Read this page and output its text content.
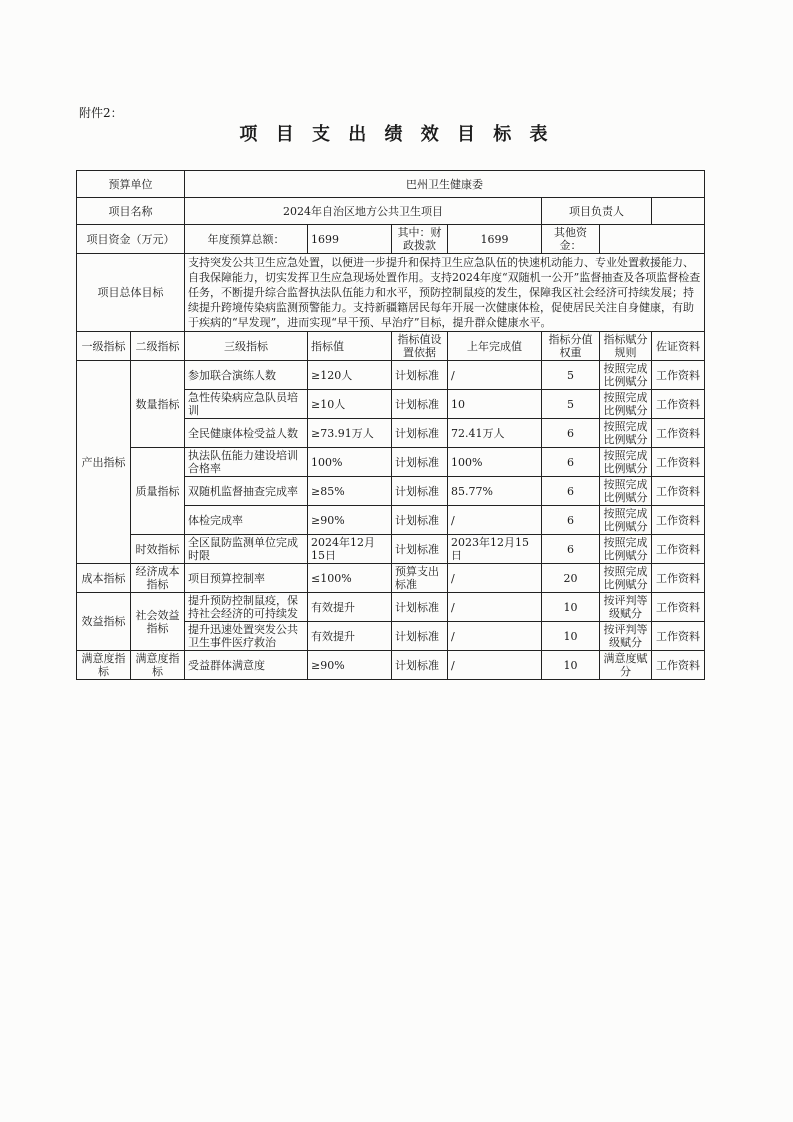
附件2：
项 目 支 出 绩 效 目 标 表
预算单位		巴州卫生健康委						
项目名称		2024年自治区地方公共卫生项目				项目负责人		
项目资金（万元）		年度预算总额：	1699	其中：财政拨款	1699	其他资金：		
项目总体目标		支持突发公共卫生应急处置，以便进一步提升和保持卫生应急队伍的快速机动能力、专业处置救援能力、自我保障能力，切实发挥卫生应急现场处置作用。支持2024年度“双随机一公开”监督抽查及各项监督检查任务，不断提升综合监督执法队伍能力和水平，预防控制鼠疫的发生，保障我区社会经济可持续发展；持续提升跨境传染病监测预警能力。支持新疆籍居民每年开展一次健康体检，促使居民关注自身健康，有助于疾病的“早发现”，进而实现“早干预、早治疗”目标，提升群众健康水平。						
一级指标	二级指标	三级指标	指标值	指标值设置依据	上年完成值	指标分值权重	指标赋分规则	佐证资料
产出指标	数量指标	参加联合演练人数	≥120人	计划标准	/	5	按照完成比例赋分	工作资料
		急性传染病应急队员培训	≥10人	计划标准	10	5	按照完成比例赋分	工作资料
		全民健康体检受益人数	≥73.91万人	计划标准	72.41万人	6	按照完成比例赋分	工作资料
	质量指标	执法队伍能力建设培训合格率	100%	计划标准	100%	6	按照完成比例赋分	工作资料
		双随机监督抽查完成率	≥85%	计划标准	85.77%	6	按照完成比例赋分	工作资料
		体检完成率	≥90%	计划标准	/	6	按照完成比例赋分	工作资料
	时效指标	全区鼠防监测单位完成时限	2024年12月15日	计划标准	2023年12月15日	6	按照完成比例赋分	工作资料
成本指标	经济成本指标	项目预算控制率	≤100%	预算支出标准	/	20	按照完成比例赋分	工作资料
效益指标	社会效益指标	提升预防控制鼠疫，保持社会经济的可持续发	有效提升	计划标准	/	10	按评判等级赋分	工作资料
		提升迅速处置突发公共卫生事件医疗救治	有效提升	计划标准	/	10	按评判等级赋分	工作资料
满意度指标	满意度指标	受益群体满意度	≥90%	计划标准	/	10	满意度赋分	工作资料
